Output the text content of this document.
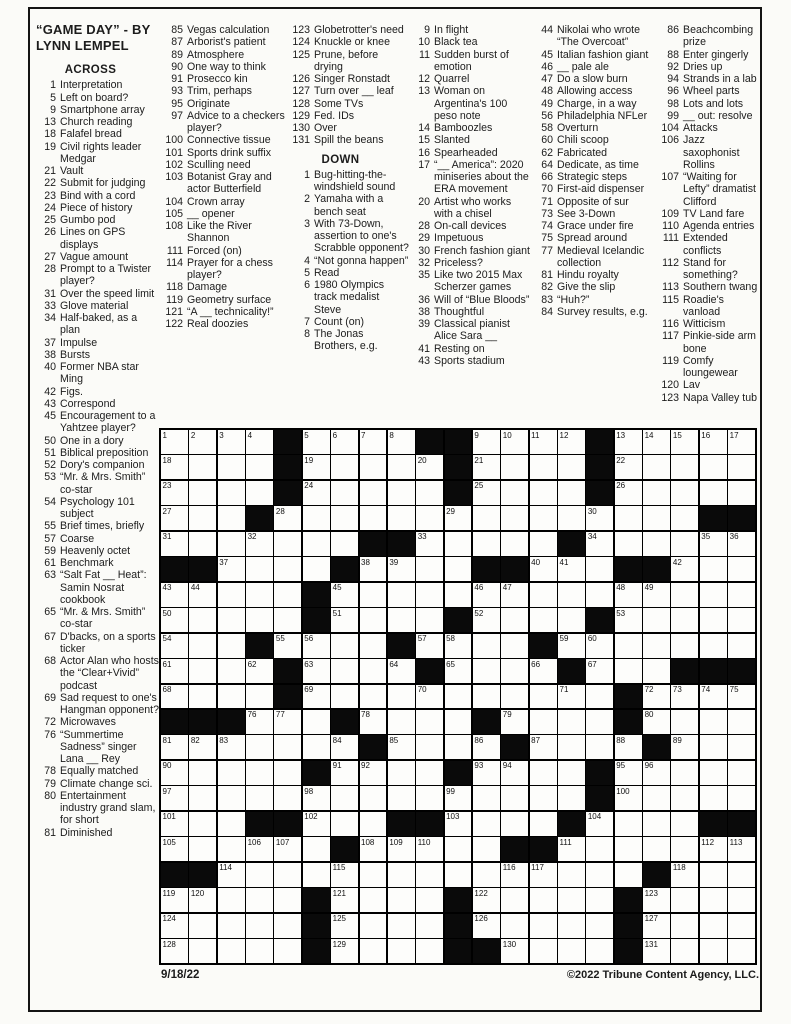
“GAME DAY” - BY LYNN LEMPEL
ACROSS
1 Interpretation
5 Left on board?
9 Smartphone array
13 Church reading
18 Falafel bread
19 Civil rights leader Medgar
21 Vault
22 Submit for judging
23 Bind with a cord
24 Piece of history
25 Gumbo pod
26 Lines on GPS displays
27 Vague amount
28 Prompt to a Twister player?
31 Over the speed limit
33 Glove material
34 Half-baked, as a plan
37 Impulse
38 Bursts
40 Former NBA star Ming
42 Figs.
43 Correspond
45 Encouragement to a Yahtzee player?
50 One in a dory
51 Biblical preposition
52 Dory's companion
53 “Mr. & Mrs. Smith” co-star
54 Psychology 101 subject
55 Brief times, briefly
57 Coarse
59 Heavenly octet
61 Benchmark
63 “Salt Fat __ Heat”: Samin Nosrat cookbook
65 “Mr. & Mrs. Smith” co-star
67 D'backs, on a sports ticker
68 Actor Alan who hosts the “Clear+Vivid” podcast
69 Sad request to one's Hangman opponent?
72 Microwaves
76 “Summertime Sadness” singer Lana __ Rey
78 Equally matched
79 Climate change sci.
80 Entertainment industry grand slam, for short
81 Diminished
85 Vegas calculation
87 Arborist's patient
89 Atmosphere
90 One way to think
91 Prosecco kin
93 Trim, perhaps
95 Originate
97 Advice to a checkers player?
100 Connective tissue
101 Sports drink suffix
102 Sculling need
103 Botanist Gray and actor Butterfield
104 Crown array
105 __ opener
108 Like the River Shannon
111 Forced (on)
114 Prayer for a chess player?
118 Damage
119 Geometry surface
121 “A __ technicality!”
122 Real doozies
123 Globetrotter's need
124 Knuckle or knee
125 Prune, before drying
126 Singer Ronstadt
127 Turn over __ leaf
128 Some TVs
129 Fed. IDs
130 Over
131 Spill the beans
DOWN
1 Bug-hitting-the-windshield sound
2 Yamaha with a bench seat
3 With 73-Down, assertion to one's Scrabble opponent?
4 “Not gonna happen”
5 Read
6 1980 Olympics track medalist Steve
7 Count (on)
8 The Jonas Brothers, e.g.
9 In flight
10 Black tea
11 Sudden burst of emotion
12 Quarrel
13 Woman on Argentina's 100 peso note
14 Bamboozles
15 Slanted
16 Spearheaded
17 “__ America”: 2020 miniseries about the ERA movement
20 Artist who works with a chisel
28 On-call devices
29 Impetuous
30 French fashion giant
32 Priceless?
35 Like two 2015 Max Scherzer games
36 Will of “Blue Bloods”
38 Thoughtful
39 Classical pianist Alice Sara __
41 Resting on
43 Sports stadium
44 Nikolai who wrote “The Overcoat”
45 Italian fashion giant
46 __ pale ale
47 Do a slow burn
48 Allowing access
49 Charge, in a way
56 Philadelphia NFLer
58 Overturn
60 Chili scoop
62 Fabricated
64 Dedicate, as time
66 Strategic steps
70 First-aid dispenser
71 Opposite of sur
73 See 3-Down
74 Grace under fire
75 Spread around
77 Medieval Icelandic collection
81 Hindu royalty
82 Give the slip
83 “Huh?”
84 Survey results, e.g.
86 Beachcombing prize
88 Enter gingerly
92 Dries up
94 Strands in a lab
96 Wheel parts
98 Lots and lots
99 __ out: resolve
104 Attacks
106 Jazz saxophonist Rollins
107 “Waiting for Lefty” dramatist Clifford
109 TV Land fare
110 Agenda entries
111 Extended conflicts
112 Stand for something?
113 Southern twang
115 Roadie's vanload
116 Witticism
117 Pinkie-side arm bone
119 Comfy loungewear
120 Lav
123 Napa Valley tub
1	2	3	4	5	6	7	8	9	10 11	12	13 14 15 16 17
18	19	20	21	22
23	24	25	26
27	28	29	30
31	32	33	34	35 36
37	38 39	40 41	42
43 44	45	46 47	48 49
50	51	52	53
54	55 56	57 58	59 60
61	62	63	64	65	66	67
68	69	70	71	72 73 74 75
76 77	78	79	80
81 82 83	84	85	86	87	88	89
90	91 92	93 94	95 96
97	98	99	100
101	102	103	104
105	106 107	108 109 110	111	112 113
114	115	116 117	118
119 120	121	122	123
124	125	126	127
128	129	130	131
9/18/22	©2022 Tribune Content Agency, LLC.
